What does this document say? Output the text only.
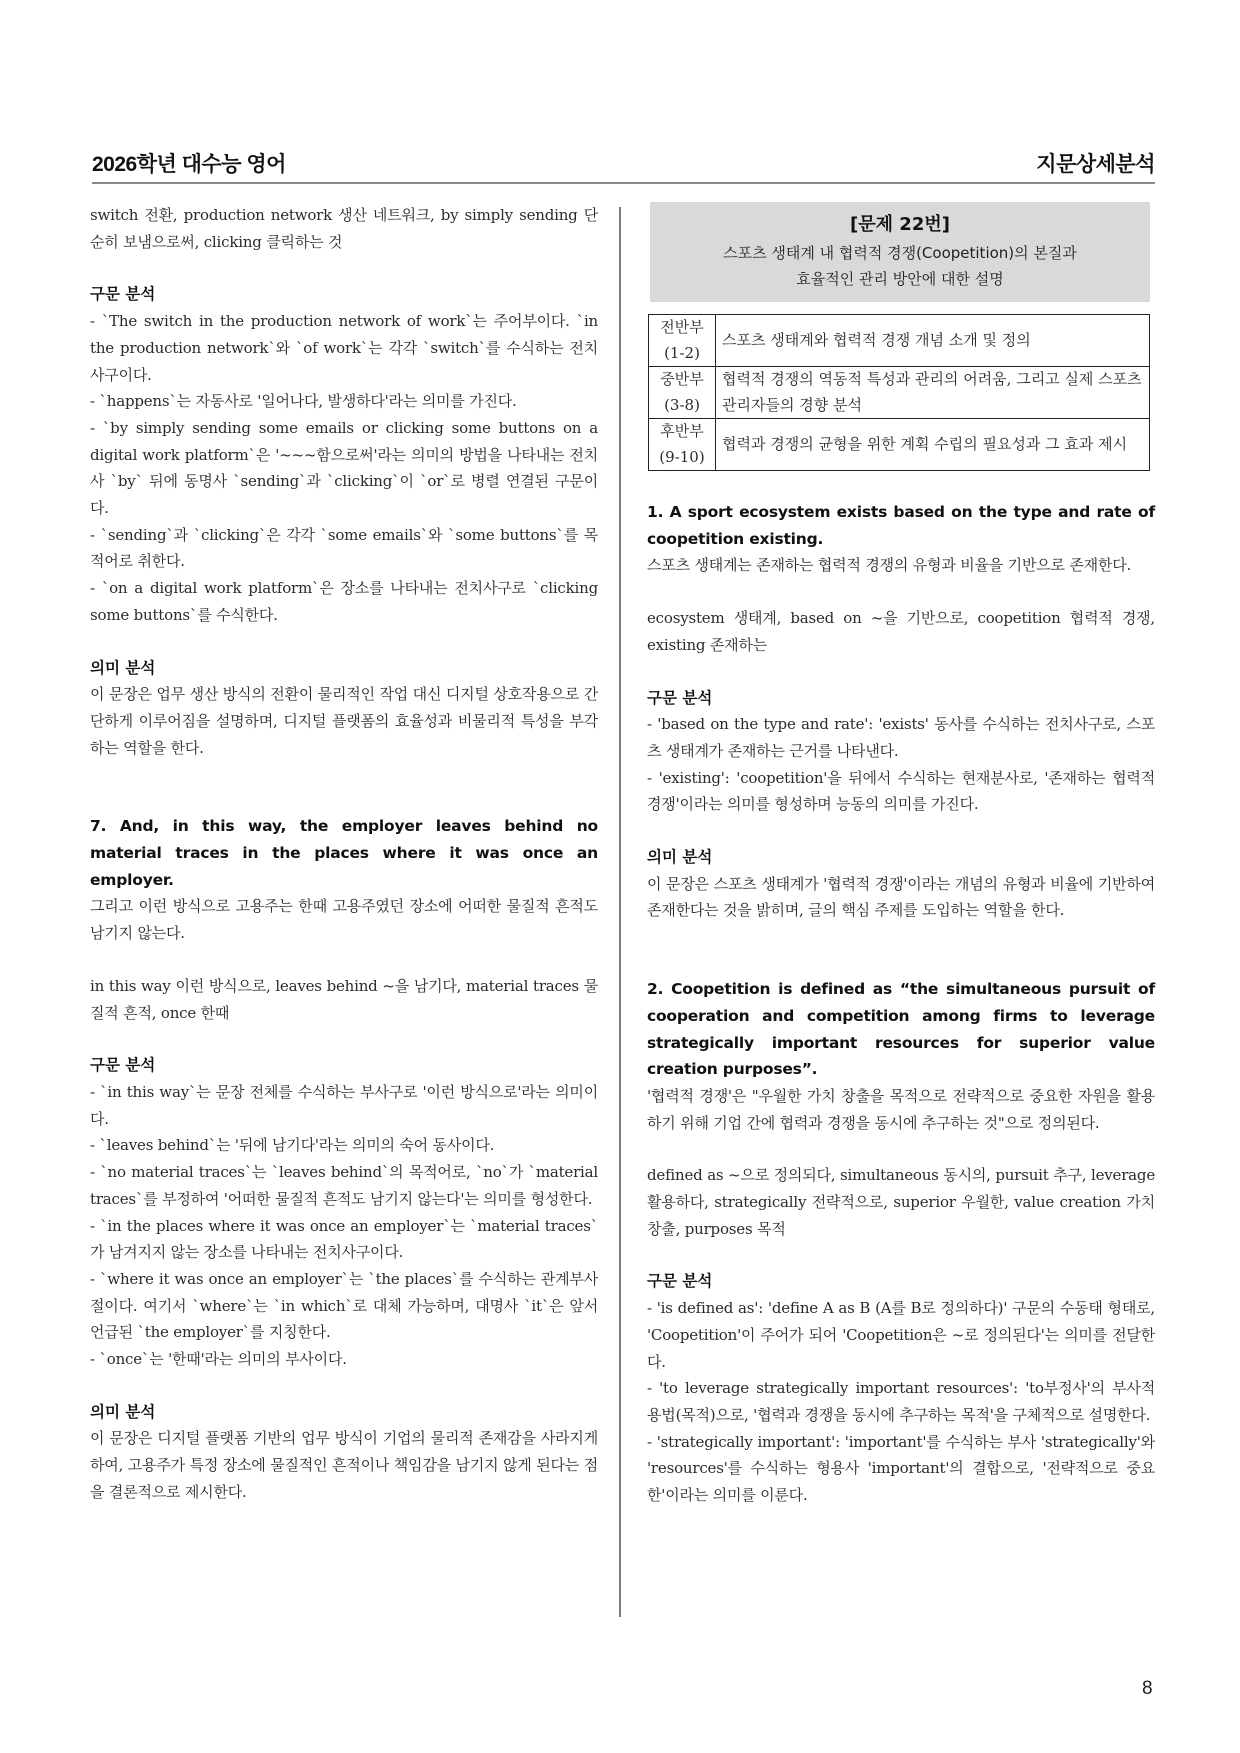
2026학년 대수능 영어	지문상세분석

switch 전환, production network 생산 네트워크, by simply sending 단순히 보냄으로써, clicking 클릭하는 것

구문 분석

- `The switch in the production network of work`는 주어부이다. `in the production network`와 `of work`는 각각 `switch`를 수식하는 전치사구이다.

- `happens`는 자동사로 '일어나다, 발생하다'라는 의미를 가진다.

- `by simply sending some emails or clicking some buttons on a digital work platform`은 '~~~함으로써'라는 의미의 방법을 나타내는 전치사 `by` 뒤에 동명사 `sending`과 `clicking`이 `or`로 병렬 연결된 구문이다.

- `sending`과 `clicking`은 각각 `some emails`와 `some buttons`를 목적어로 취한다.

- `on a digital work platform`은 장소를 나타내는 전치사구로 `clicking some buttons`를 수식한다.

의미 분석

이 문장은 업무 생산 방식의 전환이 물리적인 작업 대신 디지털 상호작용으로 간단하게 이루어짐을 설명하며, 디지털 플랫폼의 효율성과 비물리적 특성을 부각하는 역할을 한다.

7. And, in this way, the employer leaves behind no material traces in the places where it was once an employer.

그리고 이런 방식으로 고용주는 한때 고용주였던 장소에 어떠한 물질적 흔적도 남기지 않는다.

in this way 이런 방식으로, leaves behind ~을 남기다, material traces 물질적 흔적, once 한때

구문 분석

- `in this way`는 문장 전체를 수식하는 부사구로 '이런 방식으로'라는 의미이다.

- `leaves behind`는 '뒤에 남기다'라는 의미의 숙어 동사이다.

- `no material traces`는 `leaves behind`의 목적어로, `no`가 `material traces`를 부정하여 '어떠한 물질적 흔적도 남기지 않는다'는 의미를 형성한다.

- `in the places where it was once an employer`는 `material traces`가 남겨지지 않는 장소를 나타내는 전치사구이다.

- `where it was once an employer`는 `the places`를 수식하는 관계부사절이다. 여기서 `where`는 `in which`로 대체 가능하며, 대명사 `it`은 앞서 언급된 `the employer`를 지칭한다.

- `once`는 '한때'라는 의미의 부사이다.

의미 분석

이 문장은 디지털 플랫폼 기반의 업무 방식이 기업의 물리적 존재감을 사라지게 하여, 고용주가 특정 장소에 물질적인 흔적이나 책임감을 남기지 않게 된다는 점을 결론적으로 제시한다.

[문제 22번]
스포츠 생태계 내 협력적 경쟁(Coopetition)의 본질과
효율적인 관리 방안에 대한 설명
전반부
(1-2)	스포츠 생태계와 협력적 경쟁 개념 소개 및 정의

중반부
(3-8)	협력적 경쟁의 역동적 특성과 관리의 어려움, 그리고 실제 스포츠 관리자들의 경향 분석

후반부
(9-10)	협력과 경쟁의 균형을 위한 계획 수립의 필요성과 그 효과 제시

1. A sport ecosystem exists based on the type and rate of coopetition existing.

스포츠 생태계는 존재하는 협력적 경쟁의 유형과 비율을 기반으로 존재한다.

ecosystem 생태계, based on ~을 기반으로, coopetition 협력적 경쟁, existing 존재하는

구문 분석

- 'based on the type and rate': 'exists' 동사를 수식하는 전치사구로, 스포츠 생태계가 존재하는 근거를 나타낸다.

- 'existing': 'coopetition'을 뒤에서 수식하는 현재분사로, '존재하는 협력적 경쟁'이라는 의미를 형성하며 능동의 의미를 가진다.

의미 분석

이 문장은 스포츠 생태계가 '협력적 경쟁'이라는 개념의 유형과 비율에 기반하여 존재한다는 것을 밝히며, 글의 핵심 주제를 도입하는 역할을 한다.

2. Coopetition is defined as “the simultaneous pursuit of cooperation and competition among firms to leverage strategically important resources for superior value creation purposes”.

'협력적 경쟁'은 "우월한 가치 창출을 목적으로 전략적으로 중요한 자원을 활용하기 위해 기업 간에 협력과 경쟁을 동시에 추구하는 것"으로 정의된다.

defined as ~으로 정의되다, simultaneous 동시의, pursuit 추구, leverage 활용하다, strategically 전략적으로, superior 우월한, value creation 가치 창출, purposes 목적

구문 분석

- 'is defined as': 'define A as B (A를 B로 정의하다)' 구문의 수동태 형태로, 'Coopetition'이 주어가 되어 'Coopetition은 ~로 정의된다'는 의미를 전달한다.

- 'to leverage strategically important resources': 'to부정사'의 부사적 용법(목적)으로, '협력과 경쟁을 동시에 추구하는 목적'을 구체적으로 설명한다.

- 'strategically important': 'important'를 수식하는 부사 'strategically'와 'resources'를 수식하는 형용사 'important'의 결합으로, '전략적으로 중요한'이라는 의미를 이룬다.

8
